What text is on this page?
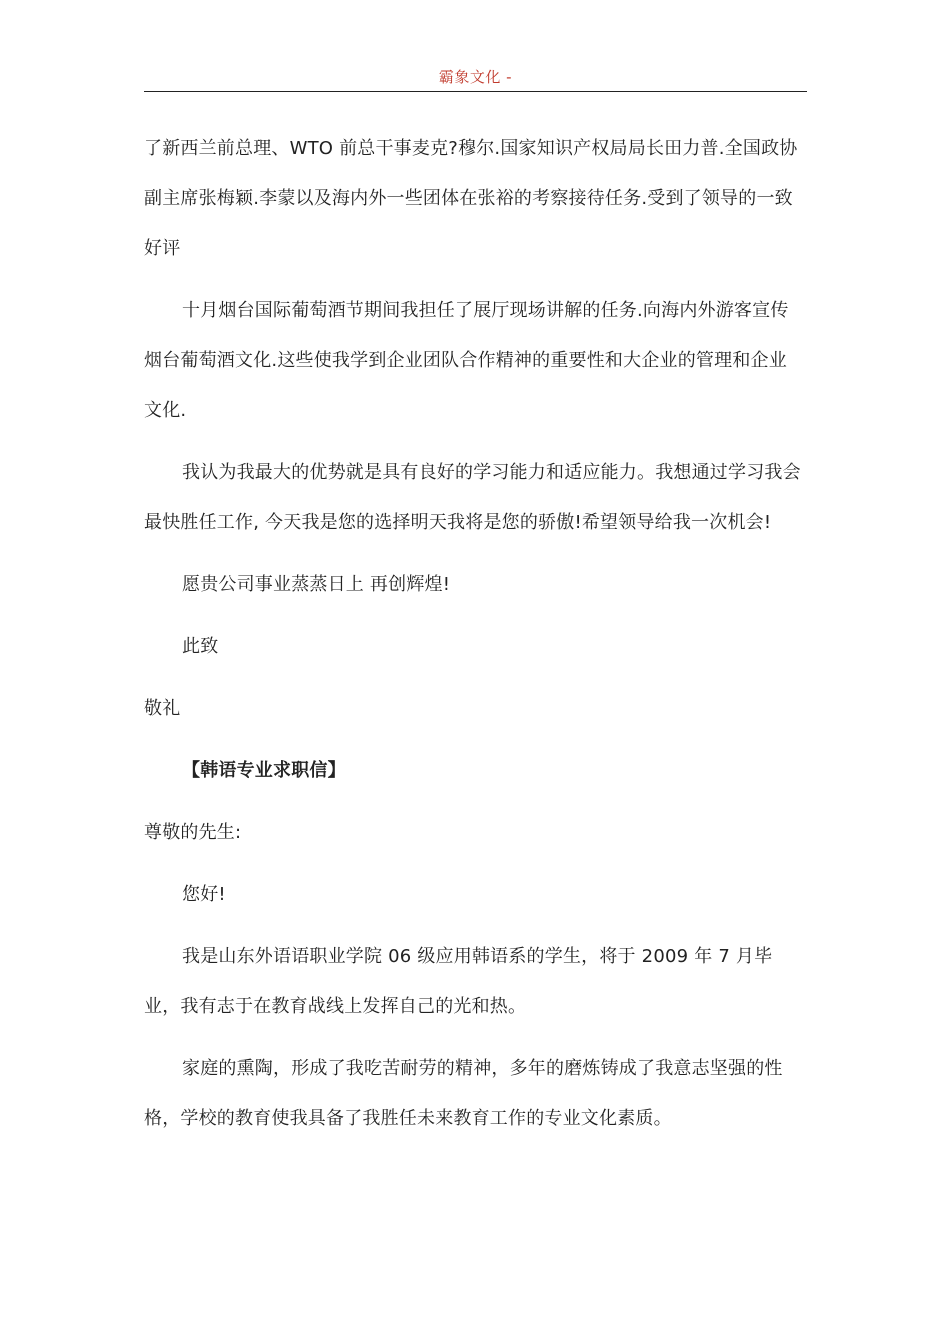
霸象文化 -

了新西兰前总理、WTO 前总干事麦克?穆尔.国家知识产权局局长田力普.全国政协副主席张梅颖.李蒙以及海内外一些团体在张裕的考察接待任务.受到了领导的一致好评

十月烟台国际葡萄酒节期间我担任了展厅现场讲解的任务.向海内外游客宣传烟台葡萄酒文化.这些使我学到企业团队合作精神的重要性和大企业的管理和企业文化.

我认为我最大的优势就是具有良好的学习能力和适应能力。我想通过学习我会最快胜任工作, 今天我是您的选择明天我将是您的骄傲!希望领导给我一次机会!

愿贵公司事业蒸蒸日上 再创辉煌!

此致

敬礼

【韩语专业求职信】

尊敬的先生:

您好!

我是山东外语语职业学院 06 级应用韩语系的学生，将于 2009 年 7 月毕业，我有志于在教育战线上发挥自己的光和热。

家庭的熏陶，形成了我吃苦耐劳的精神，多年的磨炼铸成了我意志坚强的性格，学校的教育使我具备了我胜任未来教育工作的专业文化素质。
